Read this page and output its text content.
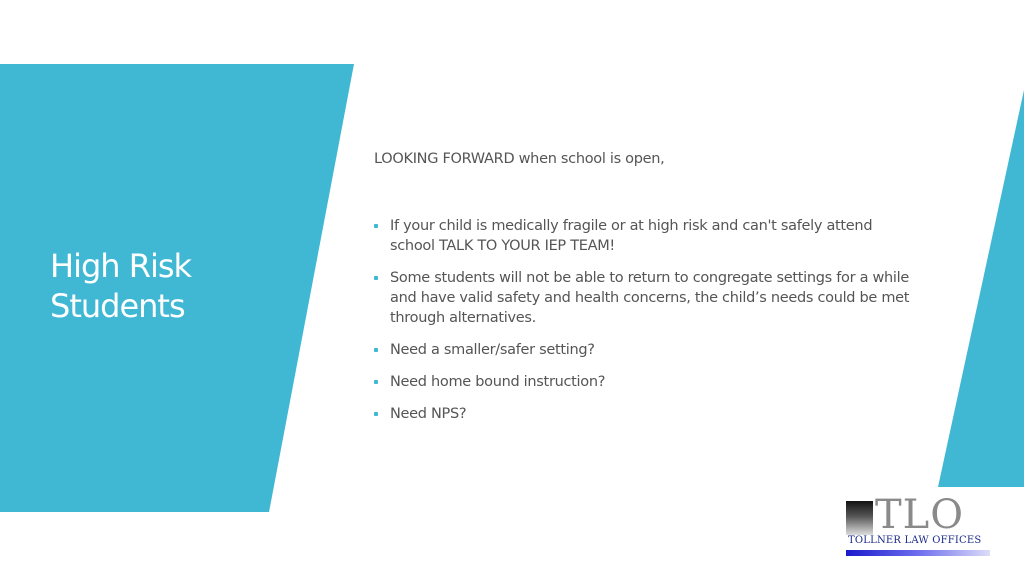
High Risk
Students

LOOKING FORWARD when school is open,

If your child is medically fragile or at high risk and can't safely attend school TALK TO YOUR IEP TEAM!
Some students will not be able to return to congregate settings for a while and have valid safety and health concerns, the child’s needs could be met through alternatives.
Need a smaller/safer setting?
Need home bound instruction?
Need NPS?
TLO
TOLLNER LAW OFFICES
